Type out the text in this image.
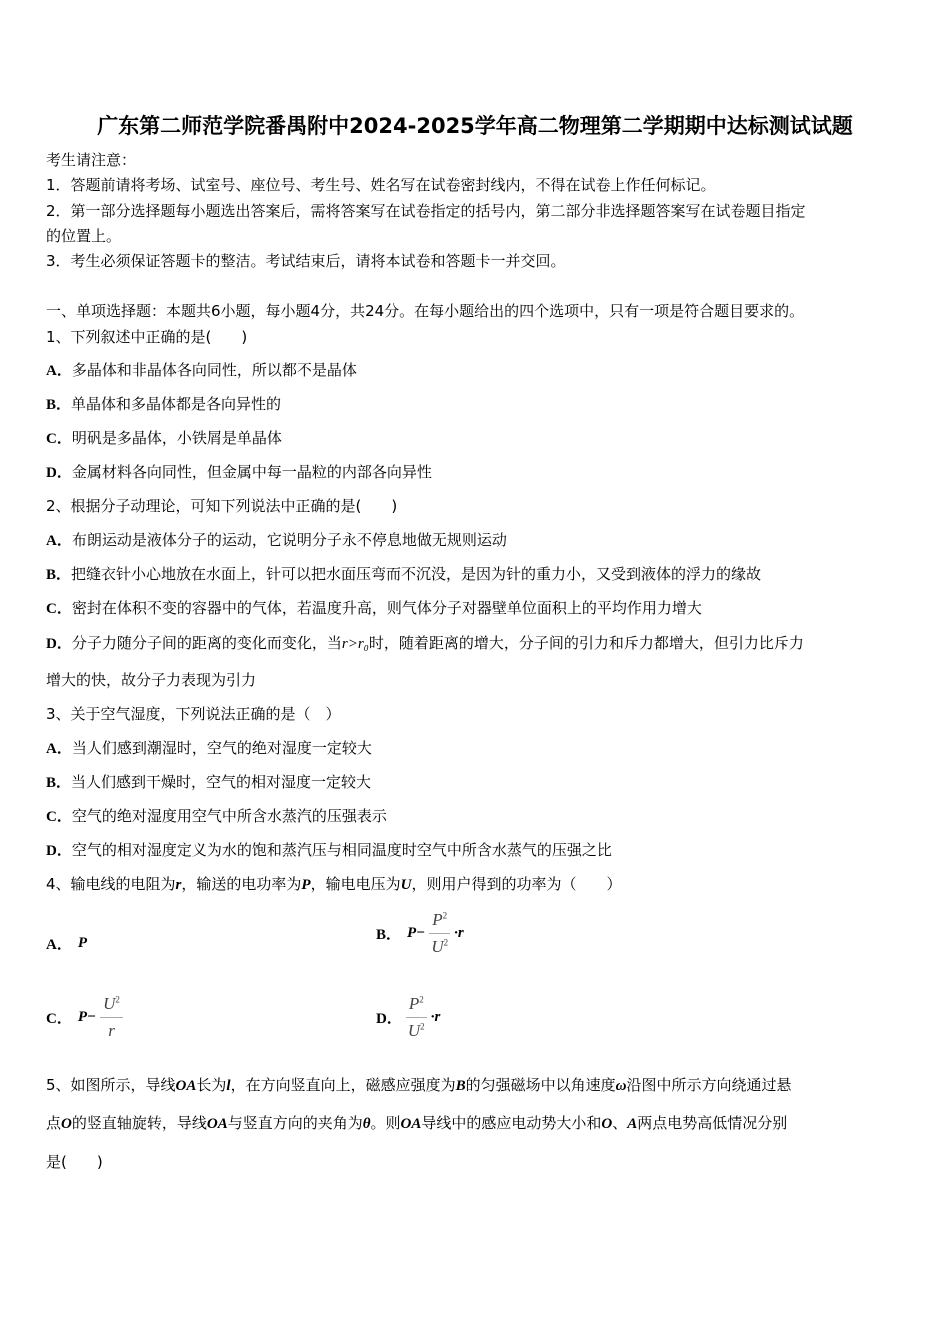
广东第二师范学院番禺附中2024-2025学年高二物理第二学期期中达标测试试题
考生请注意：
1．答题前请将考场、试室号、座位号、考生号、姓名写在试卷密封线内，不得在试卷上作任何标记。
2．第一部分选择题每小题选出答案后，需将答案写在试卷指定的括号内，第二部分非选择题答案写在试卷题目指定
的位置上。
3．考生必须保证答题卡的整洁。考试结束后，请将本试卷和答题卡一并交回。
一、单项选择题：本题共6小题，每小题4分，共24分。在每小题给出的四个选项中，只有一项是符合题目要求的。
1、下列叙述中正确的是(　　)
A．多晶体和非晶体各向同性，所以都不是晶体
B．单晶体和多晶体都是各向异性的
C．明矾是多晶体，小铁屑是单晶体
D．金属材料各向同性，但金属中每一晶粒的内部各向异性
2、根据分子动理论，可知下列说法中正确的是(　　)
A．布朗运动是液体分子的运动，它说明分子永不停息地做无规则运动
B．把缝衣针小心地放在水面上，针可以把水面压弯而不沉没，是因为针的重力小，又受到液体的浮力的缘故
C．密封在体积不变的容器中的气体，若温度升高，则气体分子对器壁单位面积上的平均作用力增大
D．分子力随分子间的距离的变化而变化，当r>r₀时，随着距离的增大，分子间的引力和斥力都增大，但引力比斥力
增大的快，故分子力表现为引力
3、关于空气湿度，下列说法正确的是（　）
A．当人们感到潮湿时，空气的绝对湿度一定较大
B．当人们感到干燥时，空气的相对湿度一定较大
C．空气的绝对湿度用空气中所含水蒸汽的压强表示
D．空气的相对湿度定义为水的饱和蒸汽压与相同温度时空气中所含水蒸气的压强之比
4、输电线的电阻为r，输送的电功率为P，输电电压为U，则用户得到的功率为（　　）
A． P	B． $P- \frac{P^2}{U^2} \cdot r$
C． $P- \frac{U^2}{r}$	D． $\frac{P^2}{U^2} \cdot r$
5、如图所示，导线OA长为l，在方向竖直向上，磁感应强度为B的匀强磁场中以角速度ω沿图中所示方向绕通过悬
点O的竖直轴旋转，导线OA与竖直方向的夹角为θ。则OA导线中的感应电动势大小和O、A两点电势高低情况分别
是(　　)
